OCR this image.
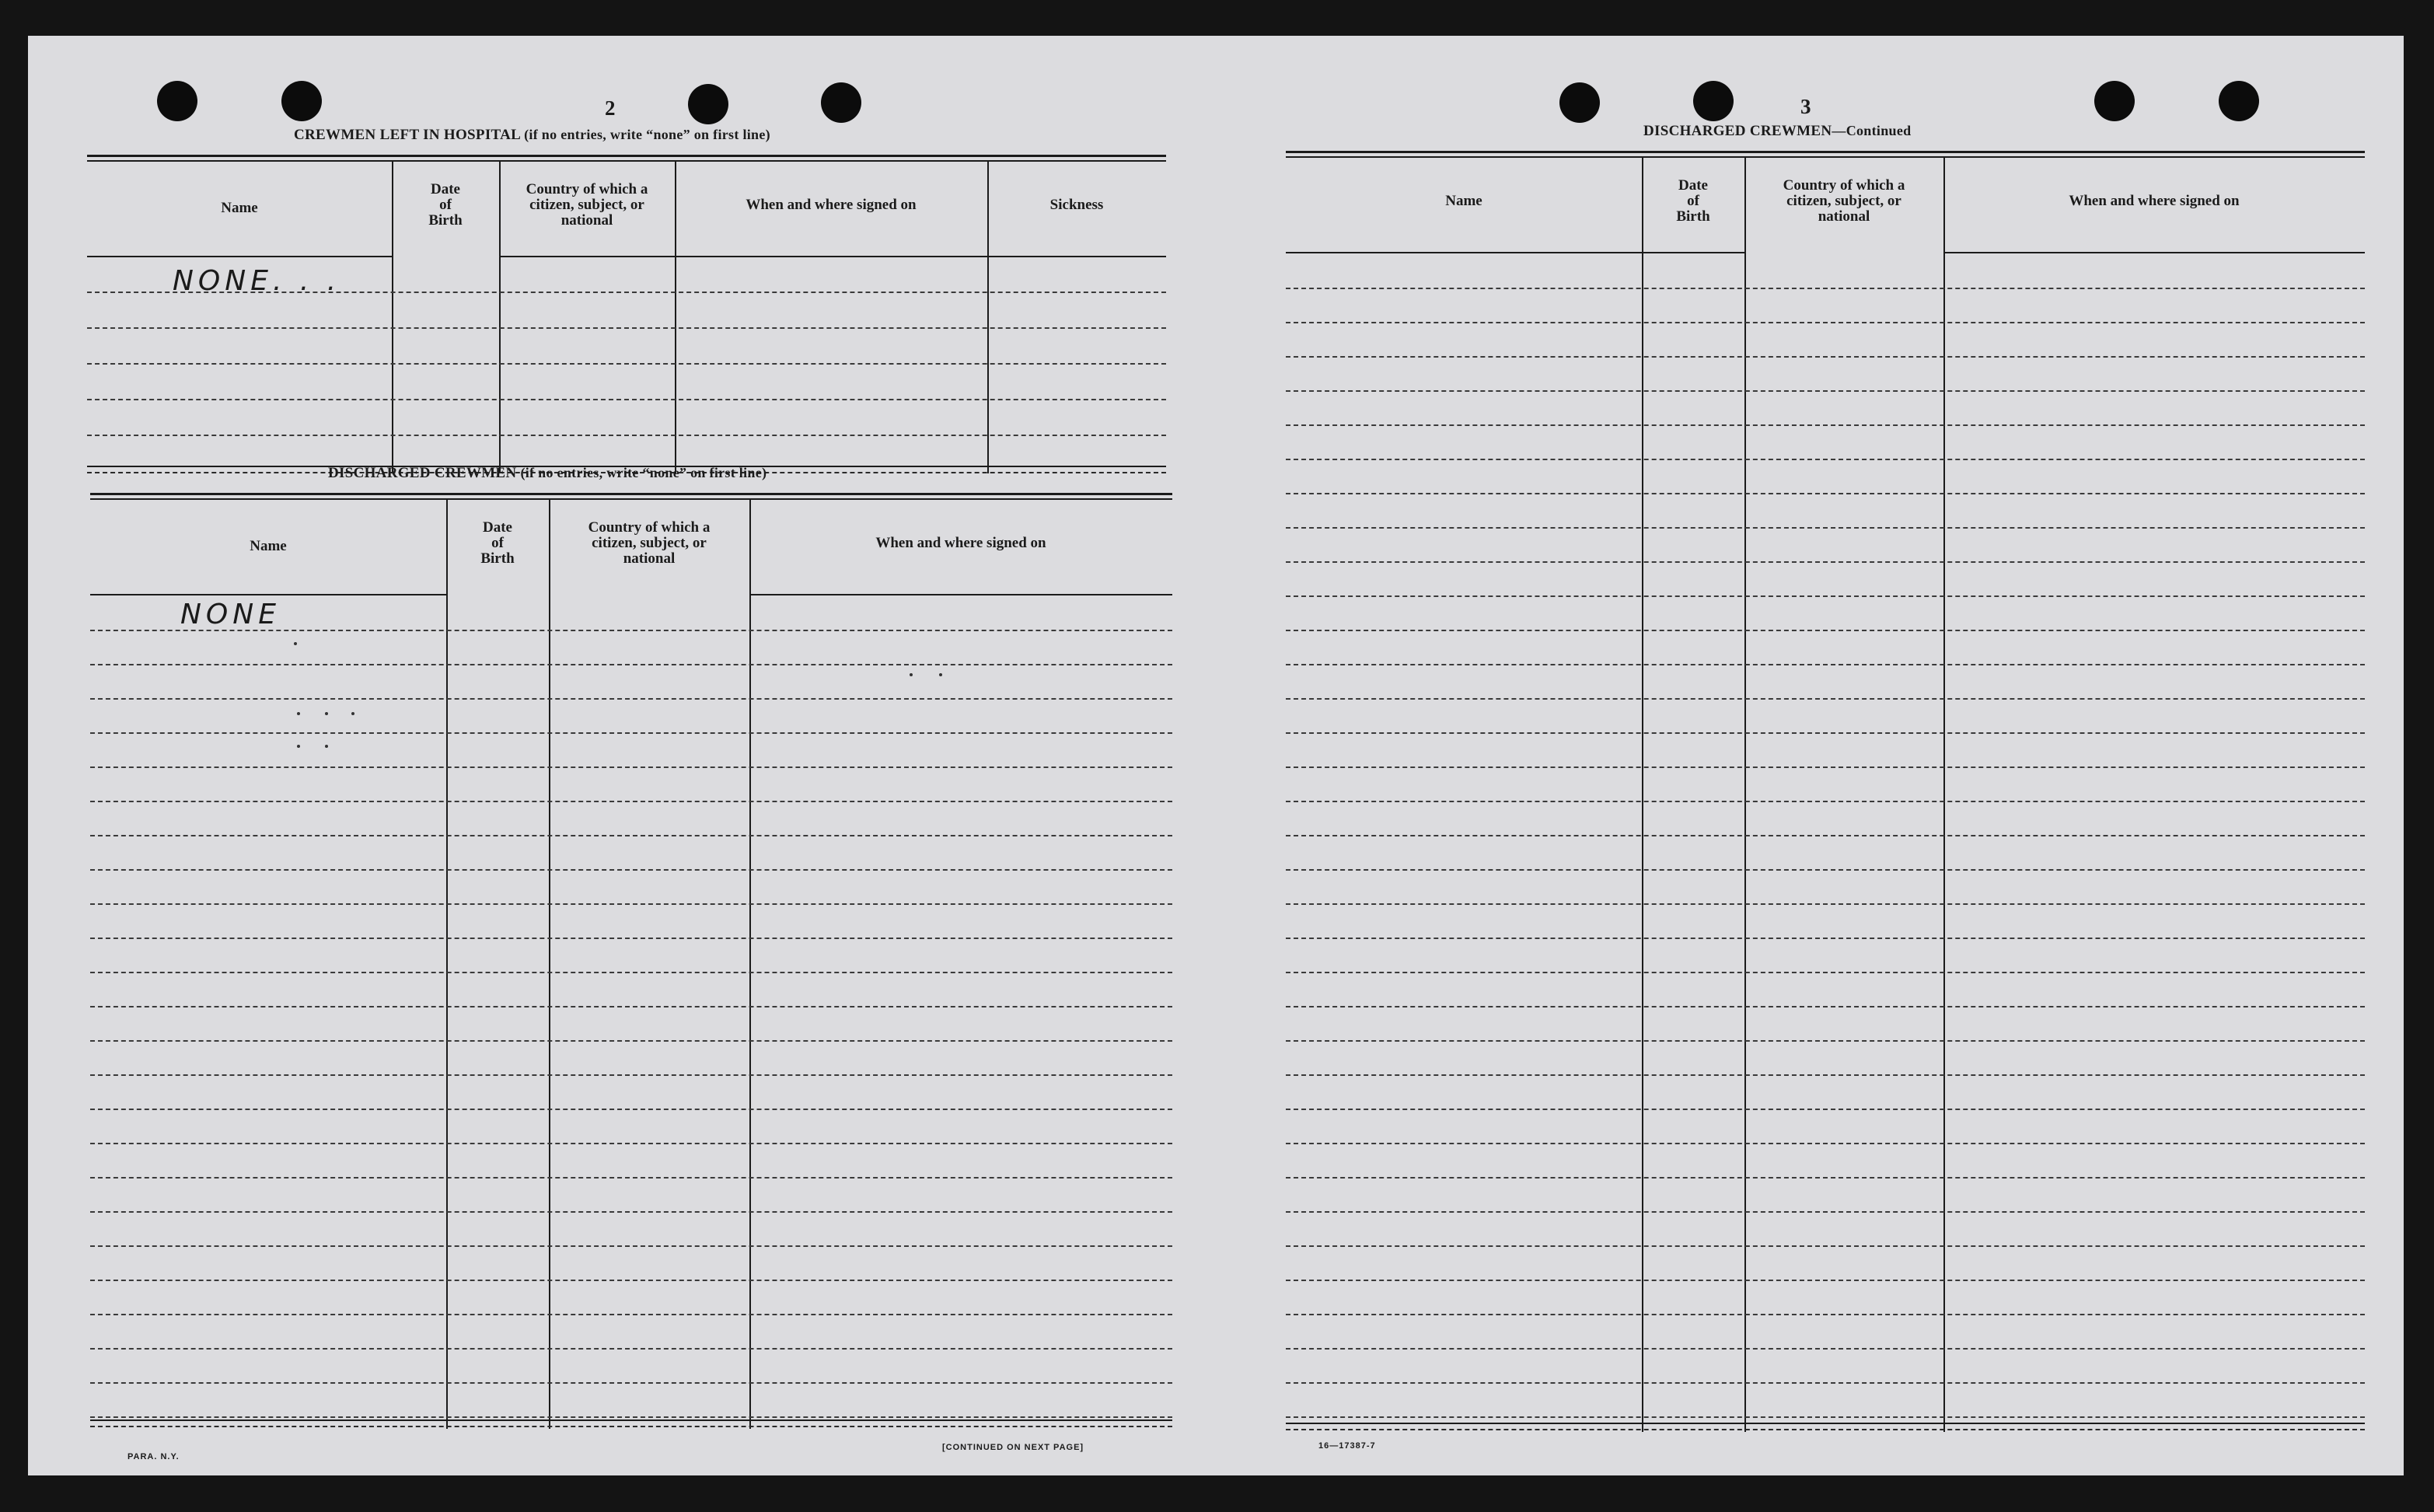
2
CREWMEN LEFT IN HOSPITAL (if no entries, write “none” on first line)
Name
Date
of
Birth
Country of which a
citizen, subject, or
national
When and where signed on	Sickness
NONE. . .
DISCHARGED CREWMEN (if no entries, write “none” on first line)
Name
Date
of
Birth
Country of which a
citizen, subject, or
national
When and where signed on
NONE
PARA. N.Y.
[CONTINUED ON NEXT PAGE]
3
DISCHARGED CREWMEN—Continued
Name
Date
of
Birth
Country of which a
citizen, subject, or
national
When and where signed on
16—17387-7
